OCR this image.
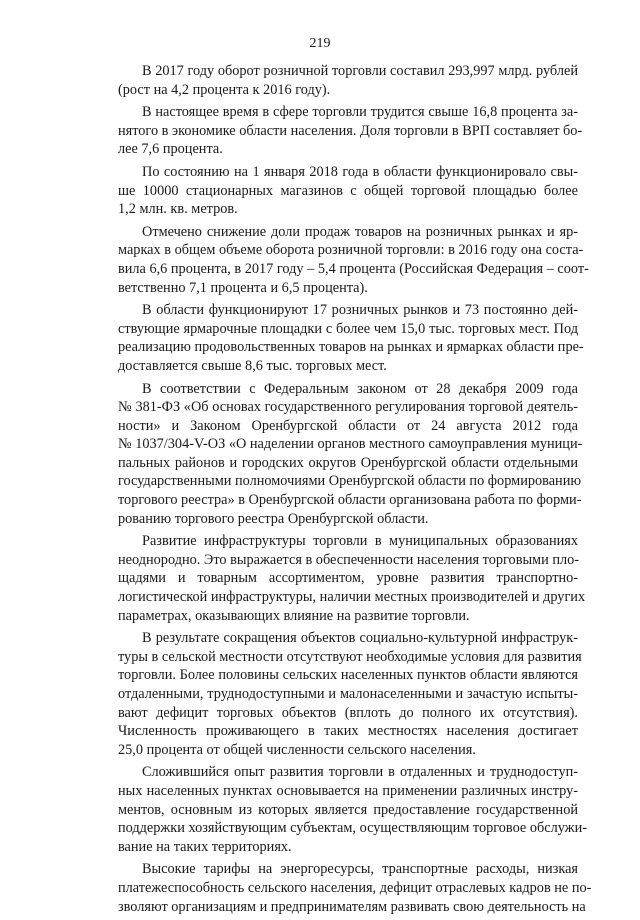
219
В 2017 году оборот розничной торговли составил 293,997 млрд. рублей
(рост на 4,2 процента к 2016 году).
В настоящее время в сфере торговли трудится свыше 16,8 процента за-
нятого в экономике области населения. Доля торговли в ВРП составляет бо-
лее 7,6 процента.
По состоянию на 1 января 2018 года в области функционировало свы-
ше 10000 стационарных магазинов с общей торговой площадью более
1,2 млн. кв. метров.
Отмечено снижение доли продаж товаров на розничных рынках и яр-
марках в общем объеме оборота розничной торговли: в 2016 году она соста-
вила 6,6 процента, в 2017 году – 5,4 процента (Российская Федерация – соот-
ветственно 7,1 процента и 6,5 процента).
В области функционируют 17 розничных рынков и 73 постоянно дей-
ствующие ярмарочные площадки с более чем 15,0 тыс. торговых мест. Под
реализацию продовольственных товаров на рынках и ярмарках области пре-
доставляется свыше 8,6 тыс. торговых мест.
В соответствии с Федеральным законом от 28 декабря 2009 года
№ 381-ФЗ «Об основах государственного регулирования торговой деятель-
ности» и Законом Оренбургской области от 24 августа 2012 года
№ 1037/304-V-ОЗ «О наделении органов местного самоуправления муници-
пальных районов и городских округов Оренбургской области отдельными
государственными полномочиями Оренбургской области по формированию
торгового реестра» в Оренбургской области организована работа по форми-
рованию торгового реестра Оренбургской области.
Развитие инфраструктуры торговли в муниципальных образованиях
неоднородно. Это выражается в обеспеченности населения торговыми пло-
щадями и товарным ассортиментом, уровне развития транспортно-
логистической инфраструктуры, наличии местных производителей и других
параметрах, оказывающих влияние на развитие торговли.
В результате сокращения объектов социально-культурной инфраструк-
туры в сельской местности отсутствуют необходимые условия для развития
торговли. Более половины сельских населенных пунктов области являются
отдаленными, труднодоступными и малонаселенными и зачастую испыты-
вают дефицит торговых объектов (вплоть до полного их отсутствия).
Численность проживающего в таких местностях населения достигает
25,0 процента от общей численности сельского населения.
Сложившийся опыт развития торговли в отдаленных и труднодоступ-
ных населенных пунктах основывается на применении различных инстру-
ментов, основным из которых является предоставление государственной
поддержки хозяйствующим субъектам, осуществляющим торговое обслужи-
вание на таких территориях.
Высокие тарифы на энергоресурсы, транспортные расходы, низкая
платежеспособность сельского населения, дефицит отраслевых кадров не по-
зволяют организациям и предпринимателям развивать свою деятельность на
